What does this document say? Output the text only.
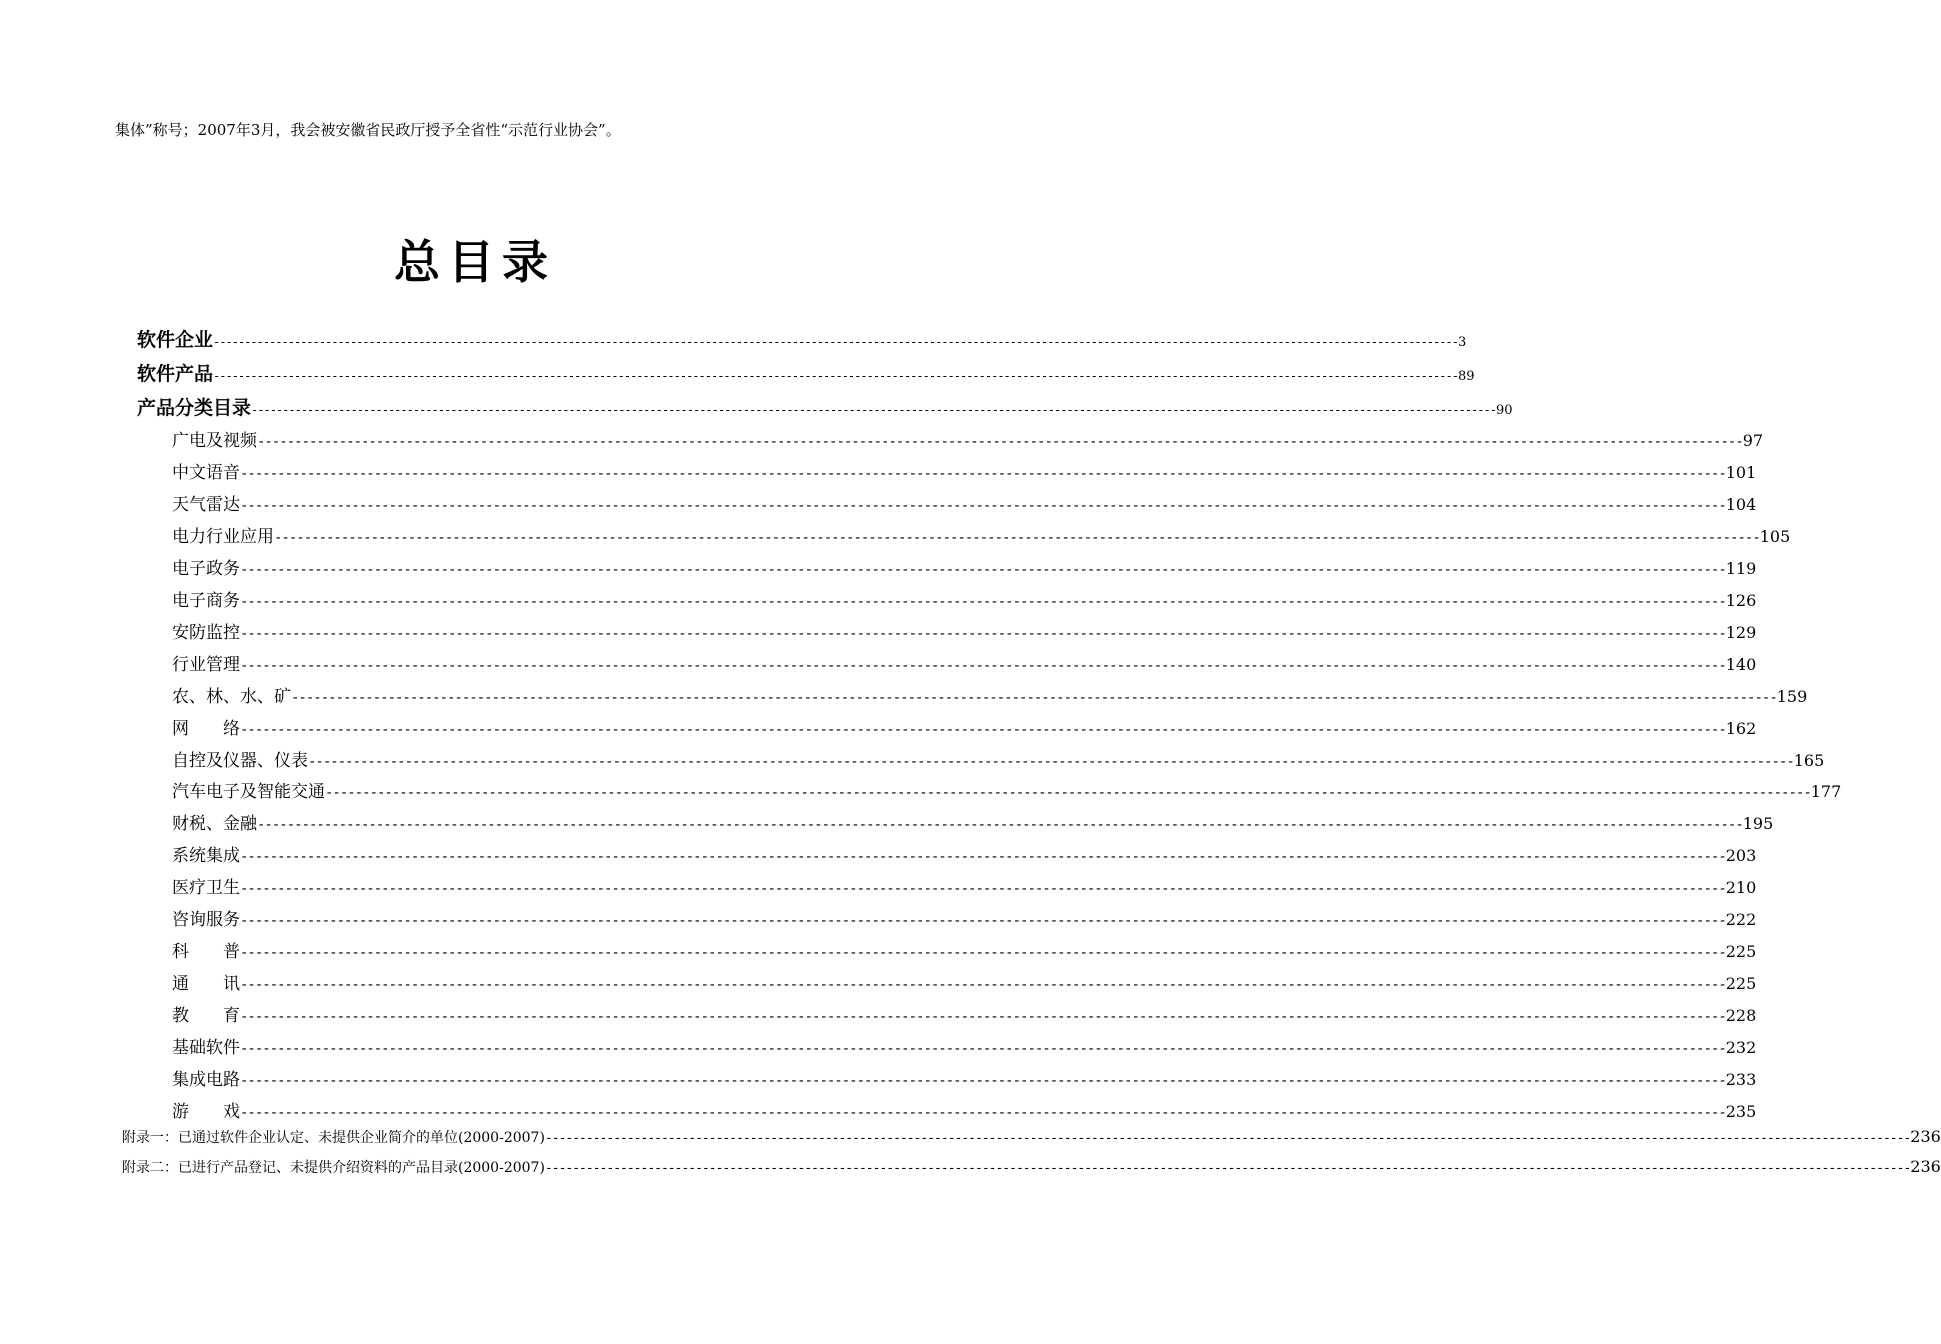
集体”称号；2007年3月，我会被安徽省民政厅授予全省性“示范行业协会”。
总目录
软件企业 -------------------------------------------------------------------------------------------------------------------------------------------------------------------------------------------------------- 3
软件产品 -------------------------------------------------------------------------------------------------------------------------------------------------------------------------------------------------------- 89
产品分类目录 -------------------------------------------------------------------------------------------------------------------------------------------------------------------------------------------------------- 90
广电及视频 -------------------------------------------------------------------------------------------------------------------------------------------------------------------------------------------------------- 97
中文语音 -------------------------------------------------------------------------------------------------------------------------------------------------------------------------------------------------------- 101
天气雷达 -------------------------------------------------------------------------------------------------------------------------------------------------------------------------------------------------------- 104
电力行业应用 -------------------------------------------------------------------------------------------------------------------------------------------------------------------------------------------------------- 105
电子政务 -------------------------------------------------------------------------------------------------------------------------------------------------------------------------------------------------------- 119
电子商务 -------------------------------------------------------------------------------------------------------------------------------------------------------------------------------------------------------- 126
安防监控 -------------------------------------------------------------------------------------------------------------------------------------------------------------------------------------------------------- 129
行业管理 -------------------------------------------------------------------------------------------------------------------------------------------------------------------------------------------------------- 140
农、林、水、矿 -------------------------------------------------------------------------------------------------------------------------------------------------------------------------------------------------------- 159
网　　络 -------------------------------------------------------------------------------------------------------------------------------------------------------------------------------------------------------- 162
自控及仪器、仪表 -------------------------------------------------------------------------------------------------------------------------------------------------------------------------------------------------------- 165
汽车电子及智能交通 -------------------------------------------------------------------------------------------------------------------------------------------------------------------------------------------------------- 177
财税、金融 -------------------------------------------------------------------------------------------------------------------------------------------------------------------------------------------------------- 195
系统集成 -------------------------------------------------------------------------------------------------------------------------------------------------------------------------------------------------------- 203
医疗卫生 -------------------------------------------------------------------------------------------------------------------------------------------------------------------------------------------------------- 210
咨询服务 -------------------------------------------------------------------------------------------------------------------------------------------------------------------------------------------------------- 222
科　　普 -------------------------------------------------------------------------------------------------------------------------------------------------------------------------------------------------------- 225
通　　讯 -------------------------------------------------------------------------------------------------------------------------------------------------------------------------------------------------------- 225
教　　育 -------------------------------------------------------------------------------------------------------------------------------------------------------------------------------------------------------- 228
基础软件 -------------------------------------------------------------------------------------------------------------------------------------------------------------------------------------------------------- 232
集成电路 -------------------------------------------------------------------------------------------------------------------------------------------------------------------------------------------------------- 233
游　　戏 -------------------------------------------------------------------------------------------------------------------------------------------------------------------------------------------------------- 235
附录一：已通过软件企业认定、未提供企业简介的单位(2000-2007) -------------------------------------------------------------------------------------------------------------------------------------------------------------------------------------------------------- 236
附录二：已进行产品登记、未提供介绍资料的产品目录(2000-2007) -------------------------------------------------------------------------------------------------------------------------------------------------------------------------------------------------------- 236
